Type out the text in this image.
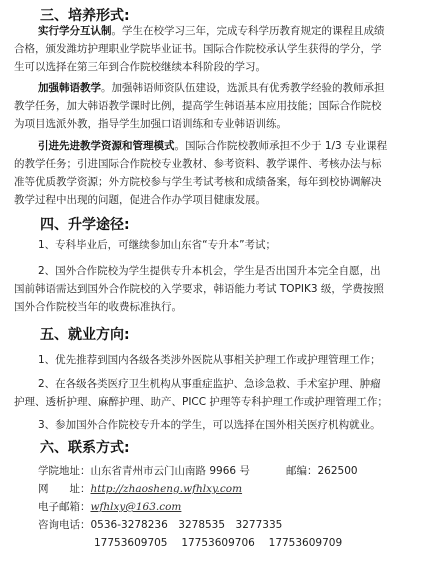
三、培养形式:
实行学分互认制。学生在校学习三年，完成专科学历教育规定的课程且成绩
合格，颁发潍坊护理职业学院毕业证书。国际合作院校承认学生获得的学分，学
生可以选择在第三年到合作院校继续本科阶段的学习。
加强韩语教学。加强韩语师资队伍建设，选派具有优秀教学经验的教师承担
教学任务，加大韩语教学课时比例，提高学生韩语基本应用技能；国际合作院校
为项目选派外教，指导学生加强口语训练和专业韩语训练。
引进先进教学资源和管理模式。国际合作院校教师承担不少于 1/3 专业课程
的教学任务；引进国际合作院校专业教材、参考资料、教学课件、考核办法与标
准等优质教学资源；外方院校参与学生考试考核和成绩备案，每年到校协调解决
教学过程中出现的问题，促进合作办学项目健康发展。
四、升学途径:
1、专科毕业后，可继续参加山东省“专升本”考试；
2、国外合作院校为学生提供专升本机会，学生是否出国升本完全自愿，出
国前韩语需达到国外合作院校的入学要求，韩语能力考试 TOPIK3 级，学费按照
国外合作院校当年的收费标准执行。
五、就业方向:
1、优先推荐到国内各级各类涉外医院从事相关护理工作或护理管理工作；
2、在各级各类医疗卫生机构从事重症监护、急诊急救、手术室护理、肿瘤
护理、透析护理、麻醉护理、助产、PICC 护理等专科护理工作或护理管理工作；
3、参加国外合作院校专升本的学生，可以选择在国外相关医疗机构就业。
六、联系方式:
学院地址：山东省青州市云门山南路 9966 号	邮编：262500
网　　址：http://zhaosheng.wfhlxy.com
电子邮箱：wfhlxy@163.com
咨询电话：0536-3278236　3278535　3277335
17753609705　 17753609706　 17753609709
